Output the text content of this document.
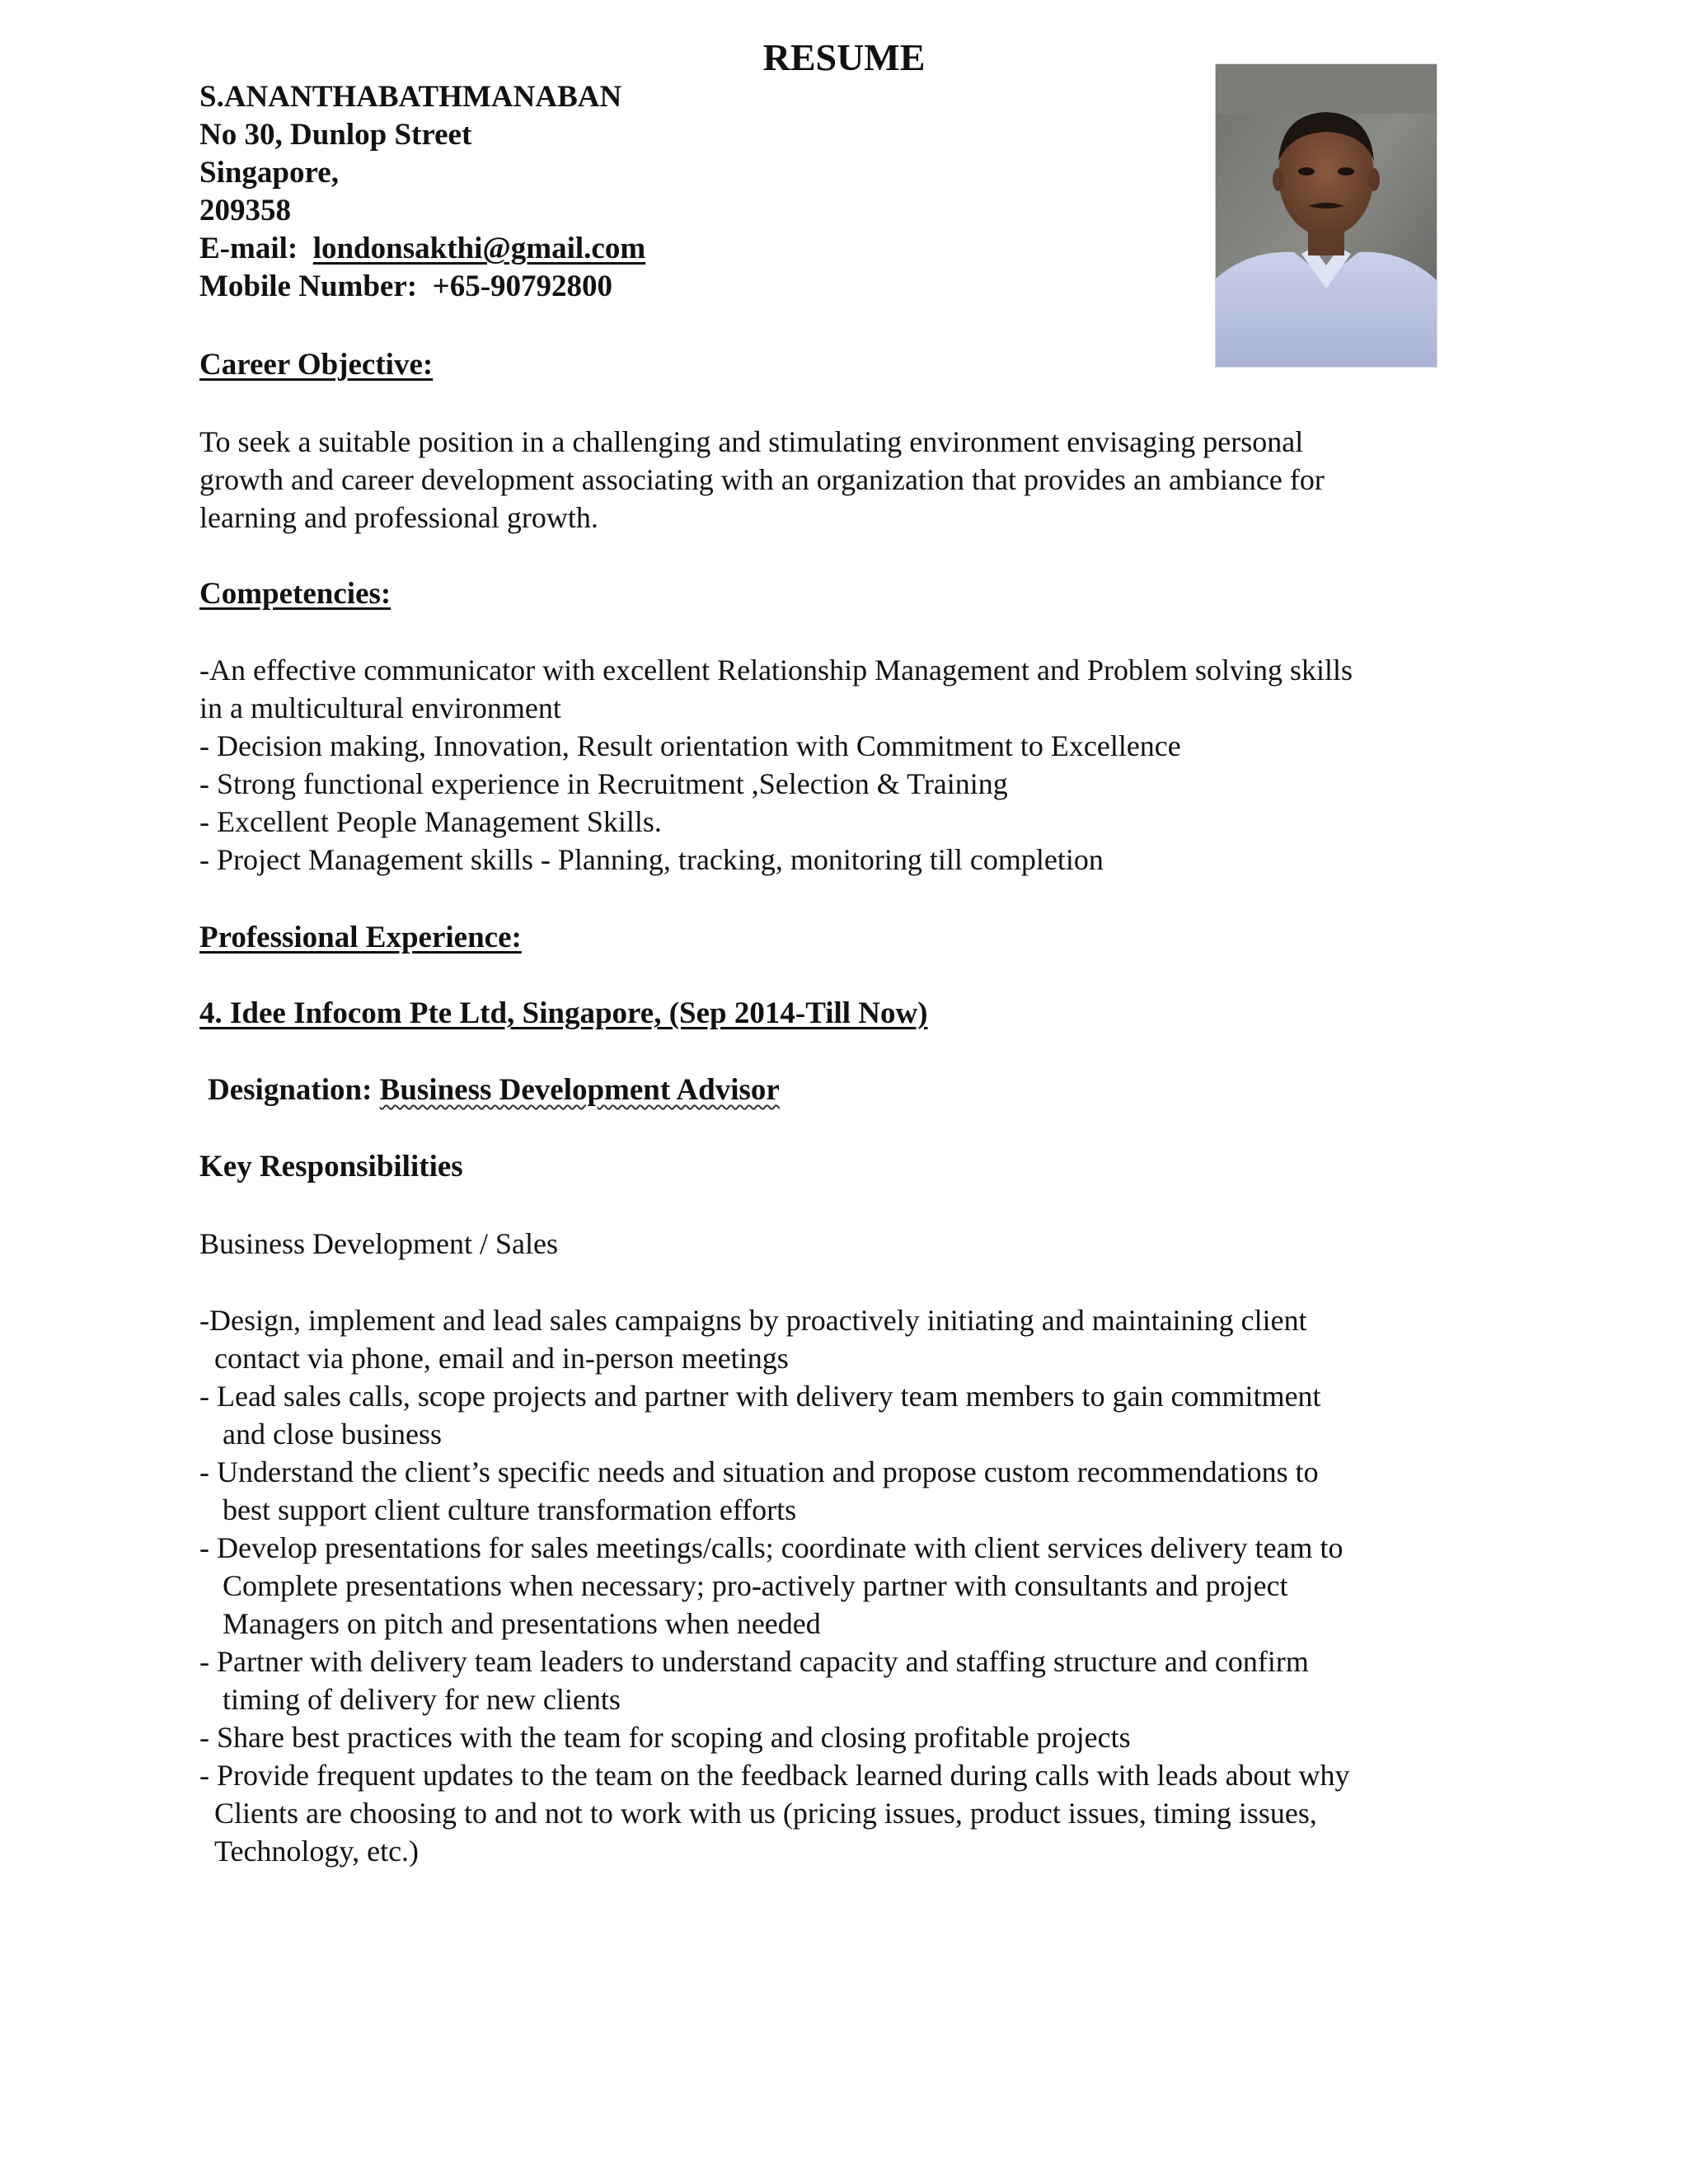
RESUME
S.ANANTHABATHMANABAN
No 30, Dunlop Street
Singapore,
209358
E-mail: londonsakthi@gmail.com
Mobile Number: +65-90792800
Career Objective:
To seek a suitable position in a challenging and stimulating environment envisaging personal
growth and career development associating with an organization that provides an ambiance for
learning and professional growth.
Competencies:
-An effective communicator with excellent Relationship Management and Problem solving skills
in a multicultural environment
- Decision making, Innovation, Result orientation with Commitment to Excellence
- Strong functional experience in Recruitment ,Selection & Training
- Excellent People Management Skills.
- Project Management skills - Planning, tracking, monitoring till completion
Professional Experience:
4. Idee Infocom Pte Ltd, Singapore, (Sep 2014-Till Now)
Designation: Business Development Advisor
Key Responsibilities
Business Development / Sales
-Design, implement and lead sales campaigns by proactively initiating and maintaining client
contact via phone, email and in-person meetings
- Lead sales calls, scope projects and partner with delivery team members to gain commitment
and close business
- Understand the client’s specific needs and situation and propose custom recommendations to
best support client culture transformation efforts
- Develop presentations for sales meetings/calls; coordinate with client services delivery team to
Complete presentations when necessary; pro-actively partner with consultants and project
Managers on pitch and presentations when needed
- Partner with delivery team leaders to understand capacity and staffing structure and confirm
timing of delivery for new clients
- Share best practices with the team for scoping and closing profitable projects
- Provide frequent updates to the team on the feedback learned during calls with leads about why
Clients are choosing to and not to work with us (pricing issues, product issues, timing issues,
Technology, etc.)
